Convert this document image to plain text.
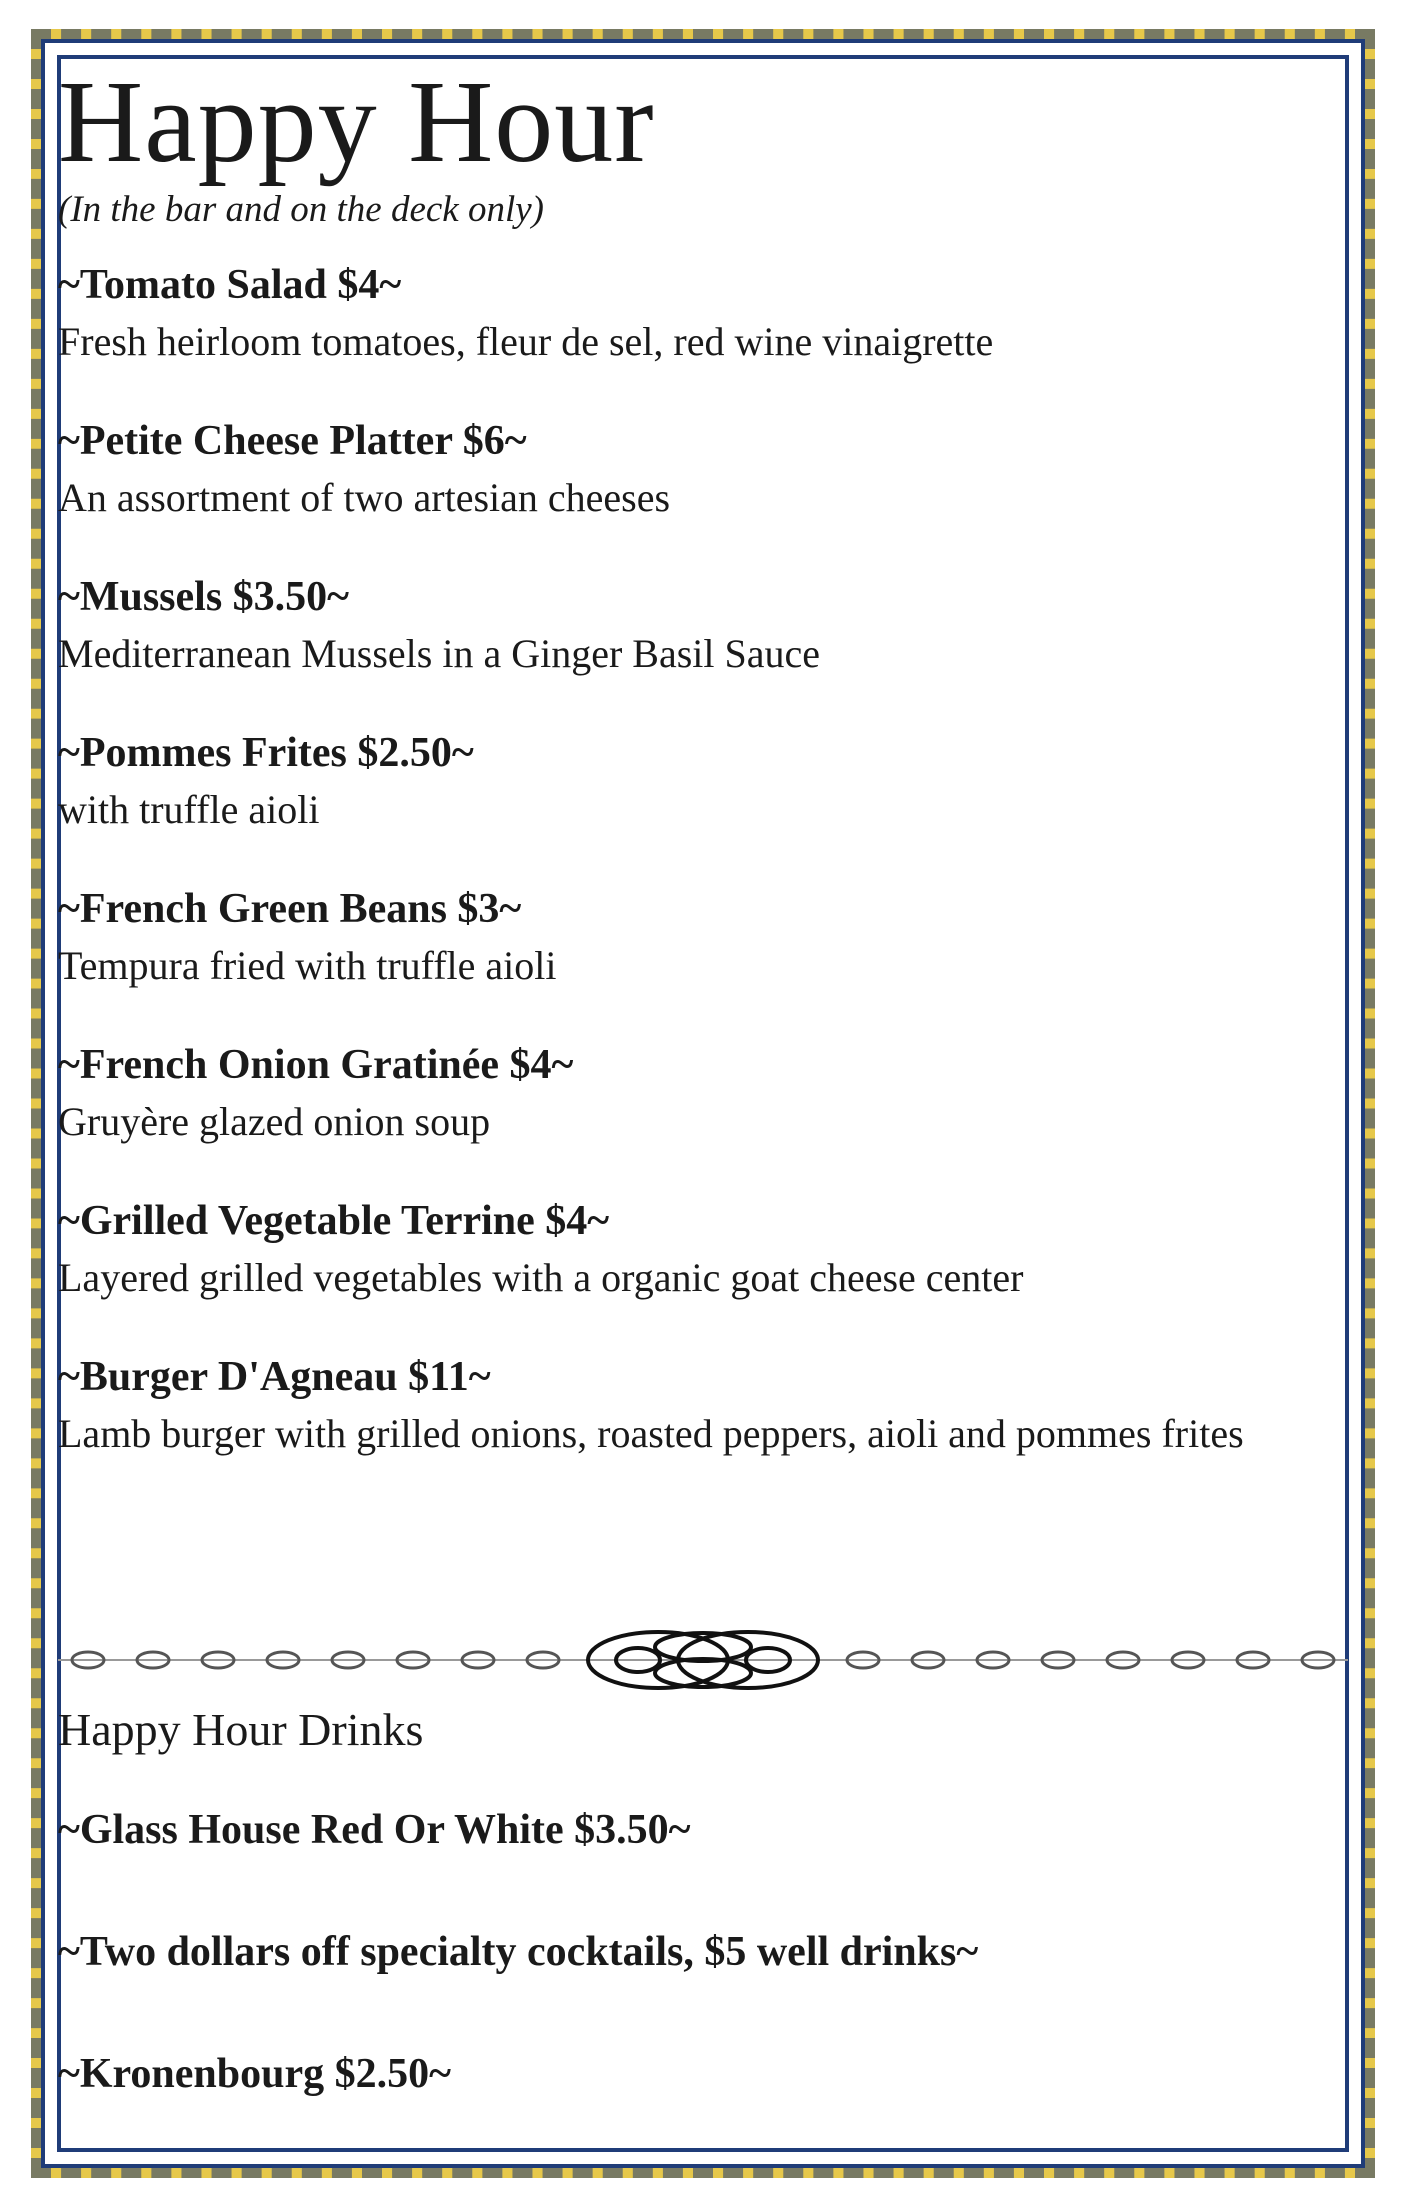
Happy Hour
(In the bar and on the deck only)
~Tomato Salad $4~
Fresh heirloom tomatoes, fleur de sel, red wine vinaigrette
~Petite Cheese Platter $6~
An assortment of two artesian cheeses
~Mussels $3.50~
Mediterranean Mussels in a Ginger Basil Sauce
~Pommes Frites $2.50~
with truffle aioli
~French Green Beans $3~
Tempura fried with truffle aioli
~French Onion Gratinée $4~
Gruyère glazed onion soup
~Grilled Vegetable Terrine $4~
Layered grilled vegetables with a organic goat cheese center
~Burger D'Agneau $11~
Lamb burger with grilled onions, roasted peppers, aioli and pommes frites
Happy Hour Drinks
~Glass House Red Or White $3.50~
~Two dollars off specialty cocktails, $5 well drinks~
~Kronenbourg $2.50~
